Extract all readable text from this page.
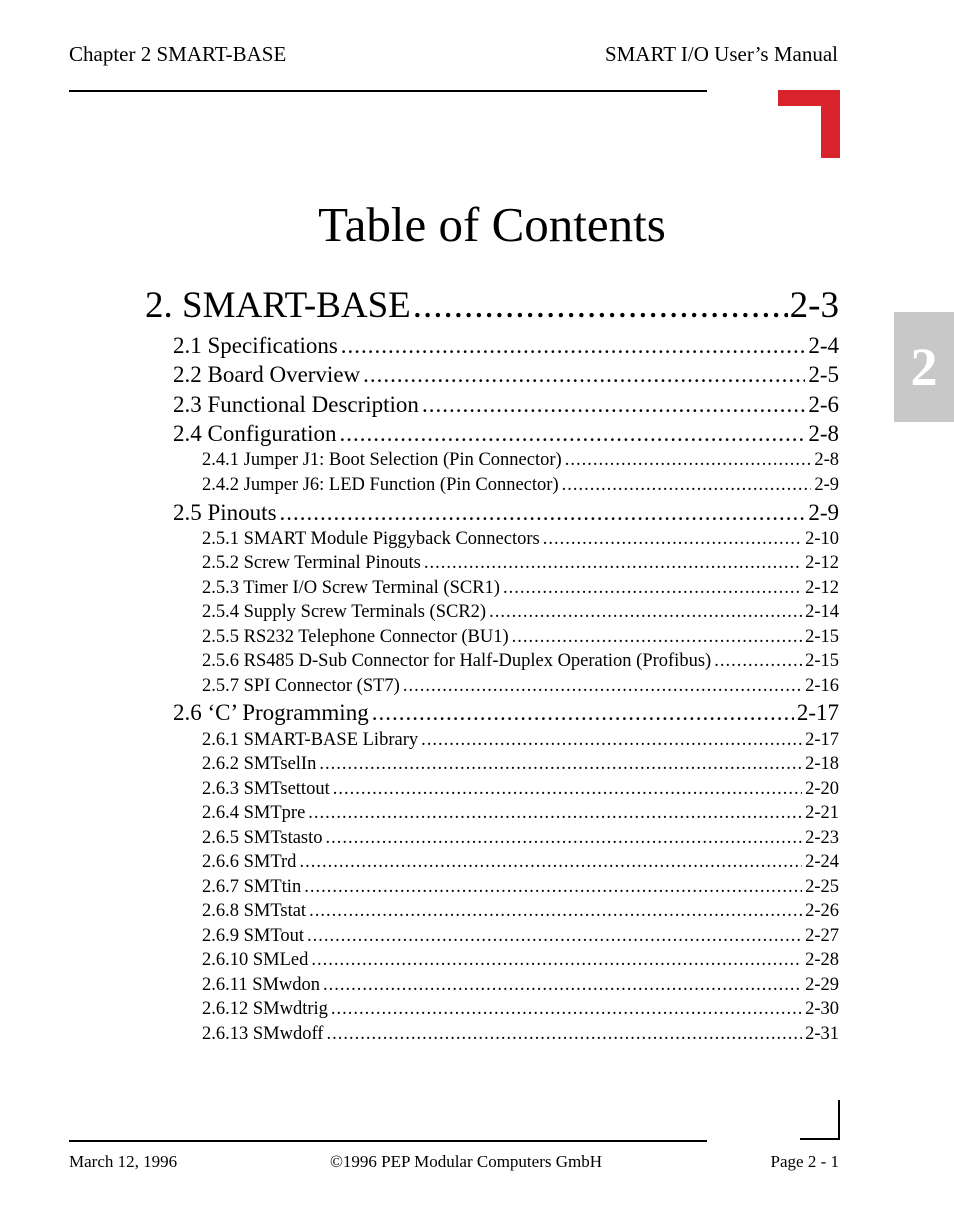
Chapter 2 SMART-BASE	SMART I/O User’s Manual
2
Table of Contents
2. SMART-BASE .....	2-3
2.1 Specifications .....	2-4
2.2 Board Overview .....	2-5
2.3 Functional Description .....	2-6
2.4 Configuration .....	2-8
2.4.1 Jumper J1: Boot Selection (Pin Connector) .....	2-8
2.4.2 Jumper J6: LED Function (Pin Connector) .....	2-9
2.5 Pinouts .....	2-9
2.5.1 SMART Module Piggyback Connectors .....	2-10
2.5.2 Screw Terminal Pinouts .....	2-12
2.5.3 Timer I/O Screw Terminal (SCR1) .....	2-12
2.5.4 Supply Screw Terminals (SCR2) .....	2-14
2.5.5 RS232 Telephone Connector (BU1) .....	2-15
2.5.6 RS485 D-Sub Connector for Half-Duplex Operation (Profibus) .....	2-15
2.5.7 SPI Connector (ST7) .....	2-16
2.6 ‘C’ Programming .....	2-17
2.6.1 SMART-BASE Library .....	2-17
2.6.2 SMTselIn .....	2-18
2.6.3 SMTsettout .....	2-20
2.6.4 SMTpre .....	2-21
2.6.5 SMTstasto .....	2-23
2.6.6 SMTrd .....	2-24
2.6.7 SMTtin .....	2-25
2.6.8 SMTstat .....	2-26
2.6.9 SMTout .....	2-27
2.6.10 SMLed .....	2-28
2.6.11 SMwdon .....	2-29
2.6.12 SMwdtrig .....	2-30
2.6.13 SMwdoff .....	2-31
March 12, 1996	©1996 PEP Modular Computers GmbH	Page 2 - 1
